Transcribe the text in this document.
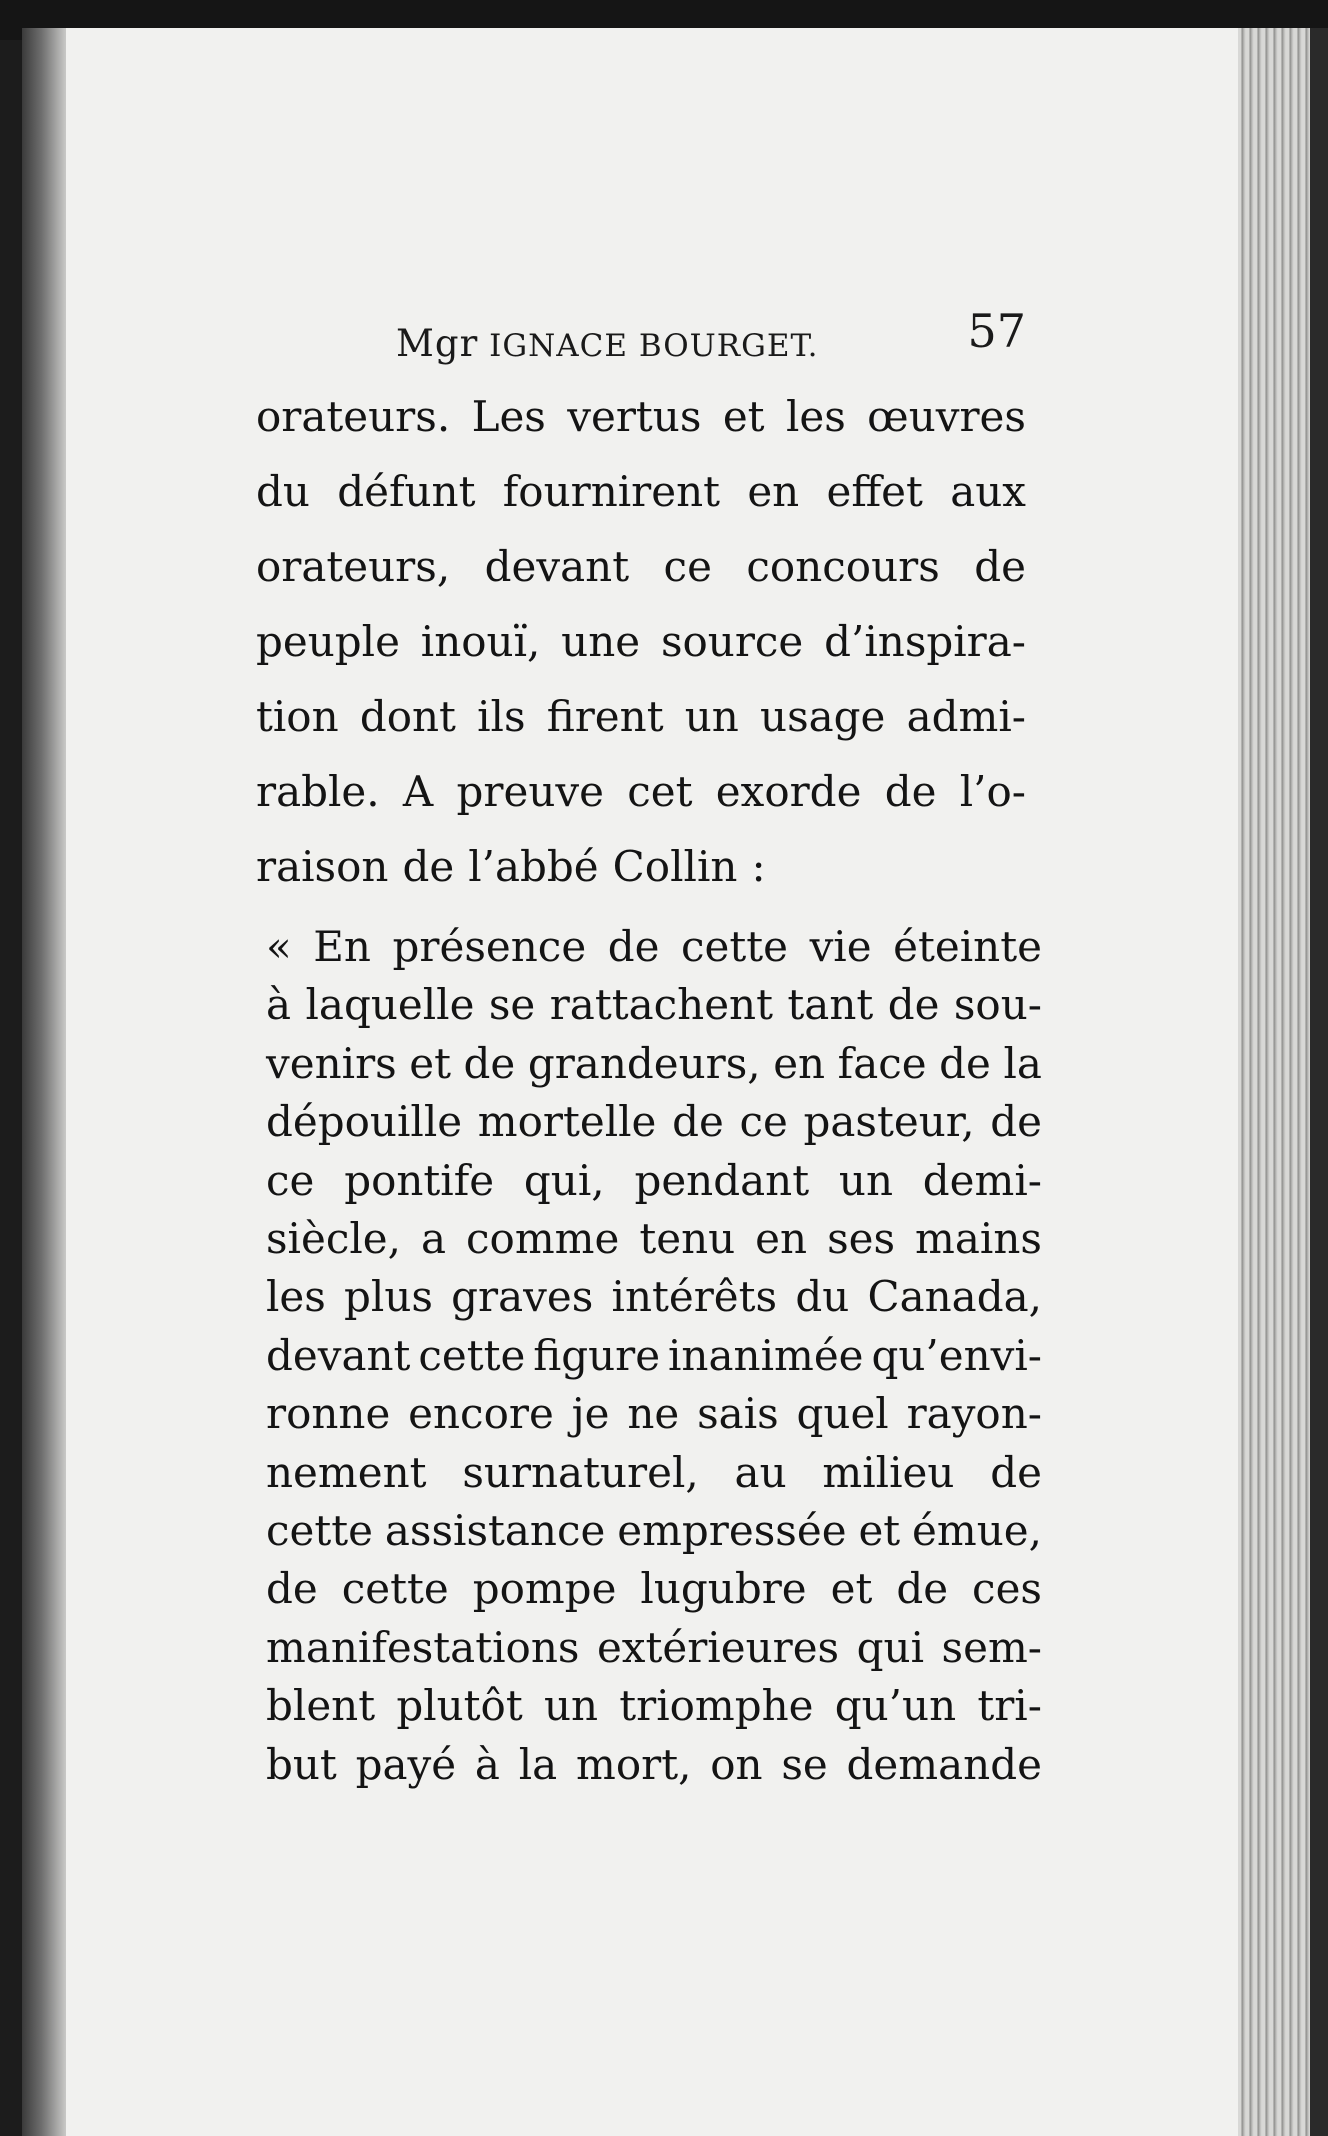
Mgr IGNACE BOURGET.	57
orateurs. Les vertus et les œuvres
du défunt fournirent en effet aux
orateurs, devant ce concours de
peuple inouï, une source d’inspira-
tion dont ils firent un usage admi-
rable. A preuve cet exorde de l’o-
raison de l’abbé Collin :
« En présence de cette vie éteinte
à laquelle se rattachent tant de sou-
venirs et de grandeurs, en face de la
dépouille mortelle de ce pasteur, de
ce pontife qui, pendant un demi-
siècle, a comme tenu en ses mains
les plus graves intérêts du Canada,
devant cette figure inanimée qu’envi-
ronne encore je ne sais quel rayon-
nement surnaturel, au milieu de
cette assistance empressée et émue,
de cette pompe lugubre et de ces
manifestations extérieures qui sem-
blent plutôt un triomphe qu’un tri-
but payé à la mort, on se demande
